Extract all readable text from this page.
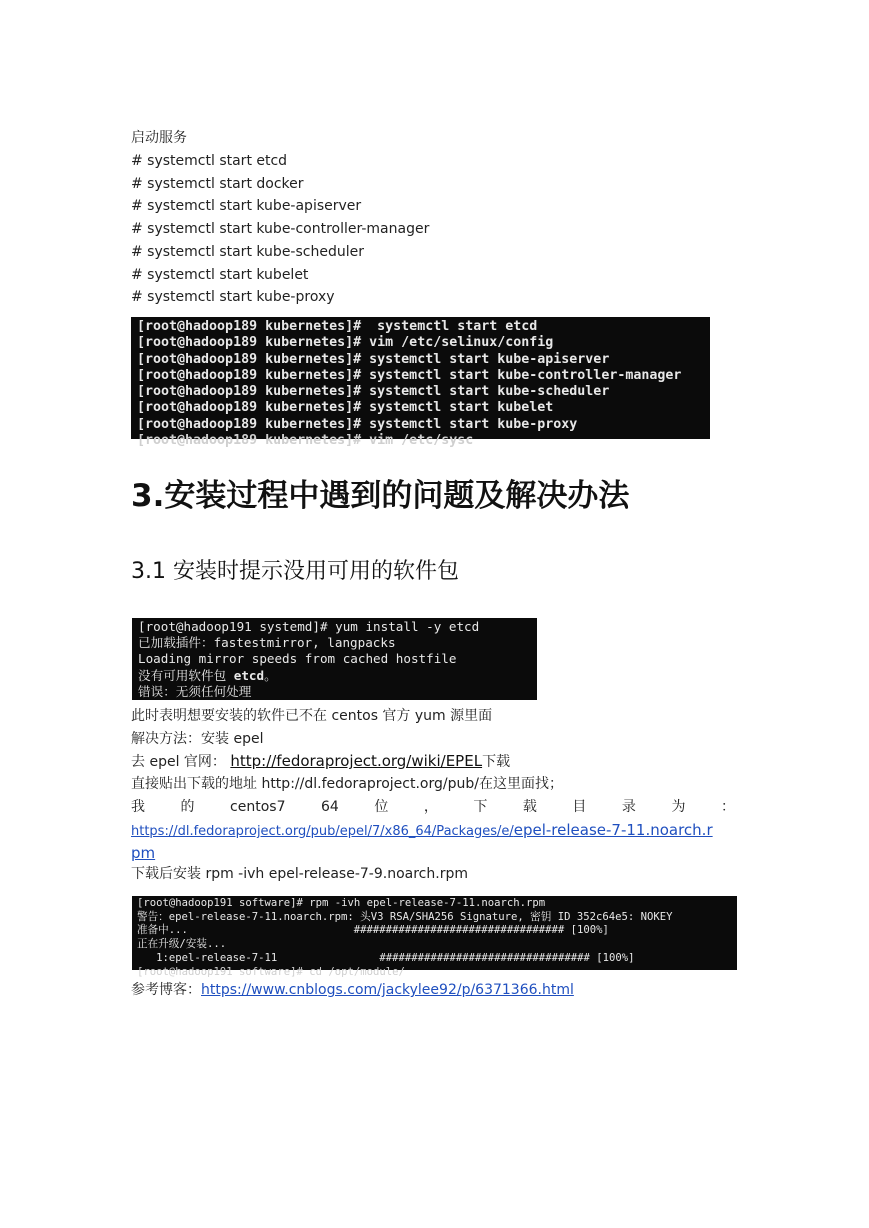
启动服务
# systemctl start etcd
# systemctl start docker
# systemctl start kube-apiserver
# systemctl start kube-controller-manager
# systemctl start kube-scheduler
# systemctl start kubelet
# systemctl start kube-proxy
[root@hadoop189 kubernetes]#  systemctl start etcd
[root@hadoop189 kubernetes]# vim /etc/selinux/config
[root@hadoop189 kubernetes]# systemctl start kube-apiserver
[root@hadoop189 kubernetes]# systemctl start kube-controller-manager
[root@hadoop189 kubernetes]# systemctl start kube-scheduler
[root@hadoop189 kubernetes]# systemctl start kubelet
[root@hadoop189 kubernetes]# systemctl start kube-proxy
[root@hadoop189 kubernetes]# vim /etc/sysc
3.安装过程中遇到的问题及解决办法
3.1 安装时提示没用可用的软件包
[root@hadoop191 systemd]# yum install -y etcd
已加载插件：fastestmirror, langpacks
Loading mirror speeds from cached hostfile
没有可用软件包 etcd。
错误：无须任何处理
此时表明想要安装的软件已不在 centos 官方 yum 源里面
解决方法：安装 epel
去 epel 官网： http://fedoraproject.org/wiki/EPEL下载
直接贴出下载的地址 http://dl.fedoraproject.org/pub/在这里面找；
我	的	centos7	64	位	，	下	载	目	录	为	：
https://dl.fedoraproject.org/pub/epel/7/x86_64/Packages/e/epel-release-7-11.noarch.r
pm
下载后安装 rpm -ivh epel-release-7-9.noarch.rpm
[root@hadoop191 software]# rpm -ivh epel-release-7-11.noarch.rpm
警告：epel-release-7-11.noarch.rpm: 头V3 RSA/SHA256 Signature, 密钥 ID 352c64e5: NOKEY
准备中...                          ################################# [100%]
正在升级/安装...
1:epel-release-7-11                ################################# [100%]
[root@hadoop191 software]# cd /opt/module/
参考博客：https://www.cnblogs.com/jackylee92/p/6371366.html
